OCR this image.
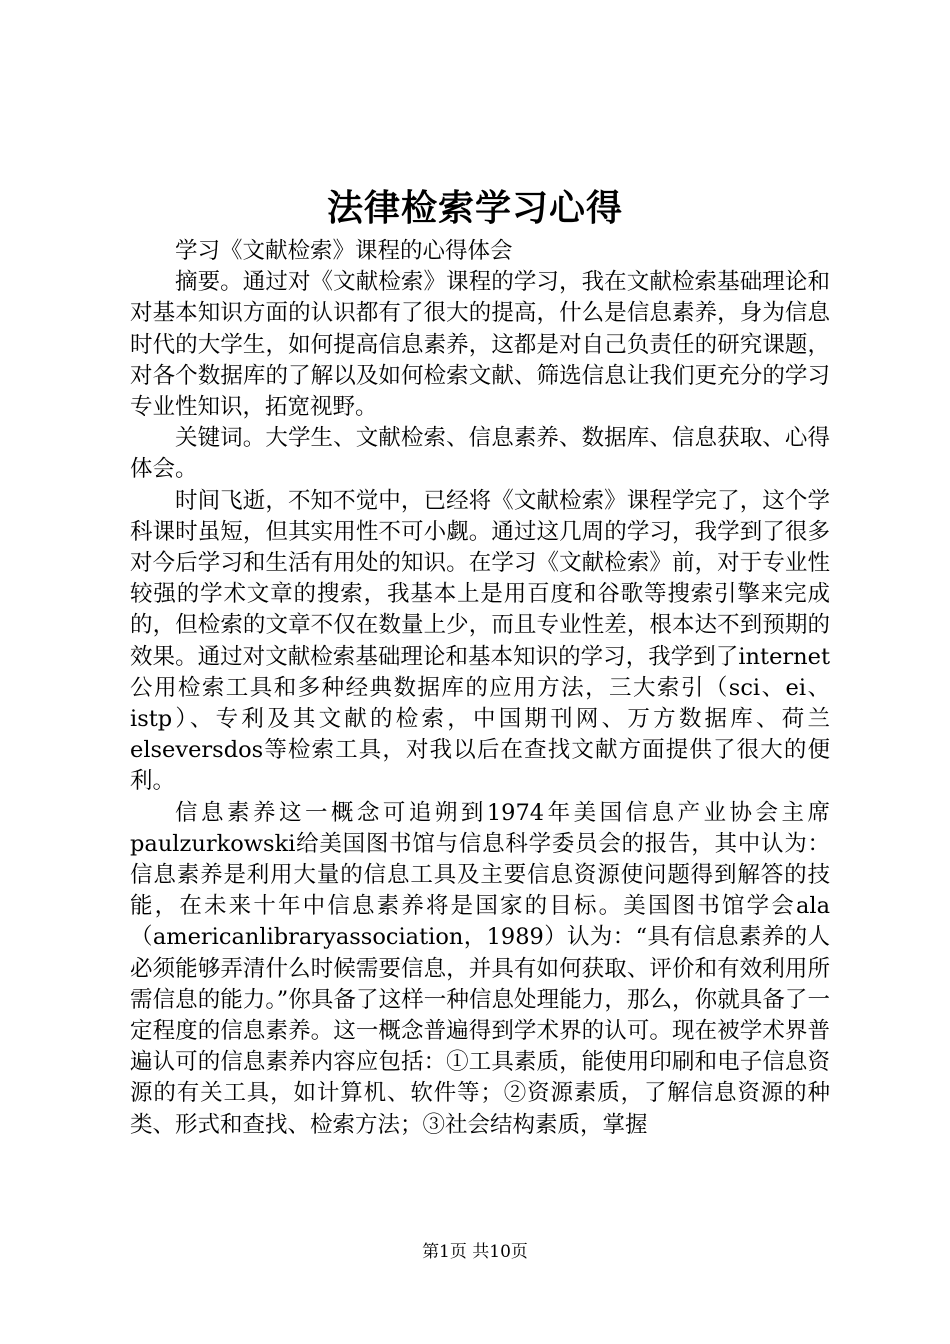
法律检索学习心得

学习《文献检索》课程的心得体会

摘要。通过对《文献检索》课程的学习，我在文献检索基础理论和对基本知识方面的认识都有了很大的提高，什么是信息素养，身为信息时代的大学生，如何提高信息素养，这都是对自己负责任的研究课题，对各个数据库的了解以及如何检索文献、筛选信息让我们更充分的学习专业性知识，拓宽视野。

关键词。大学生、文献检索、信息素养、数据库、信息获取、心得体会。

时间飞逝，不知不觉中，已经将《文献检索》课程学完了，这个学科课时虽短，但其实用性不可小觑。通过这几周的学习，我学到了很多对今后学习和生活有用处的知识。在学习《文献检索》前，对于专业性较强的学术文章的搜索，我基本上是用百度和谷歌等搜索引擎来完成的，但检索的文章不仅在数量上少，而且专业性差，根本达不到预期的效果。通过对文献检索基础理论和基本知识的学习，我学到了internet公用检索工具和多种经典数据库的应用方法，三大索引（sci、ei、istp）、专利及其文献的检索，中国期刊网、万方数据库、荷兰elseversdos等检索工具，对我以后在查找文献方面提供了很大的便利。

信息素养这一概念可追朔到1974年美国信息产业协会主席paulzurkowski给美国图书馆与信息科学委员会的报告，其中认为：信息素养是利用大量的信息工具及主要信息资源使问题得到解答的技能，在未来十年中信息素养将是国家的目标。美国图书馆学会ala（americanlibraryassociation，1989）认为：“具有信息素养的人必须能够弄清什么时候需要信息，并具有如何获取、评价和有效利用所需信息的能力。”你具备了这样一种信息处理能力，那么，你就具备了一定程度的信息素养。这一概念普遍得到学术界的认可。现在被学术界普遍认可的信息素养内容应包括：①工具素质，能使用印刷和电子信息资源的有关工具，如计算机、软件等；②资源素质，了解信息资源的种类、形式和查找、检索方法；③社会结构素质，掌握

第1页 共10页
